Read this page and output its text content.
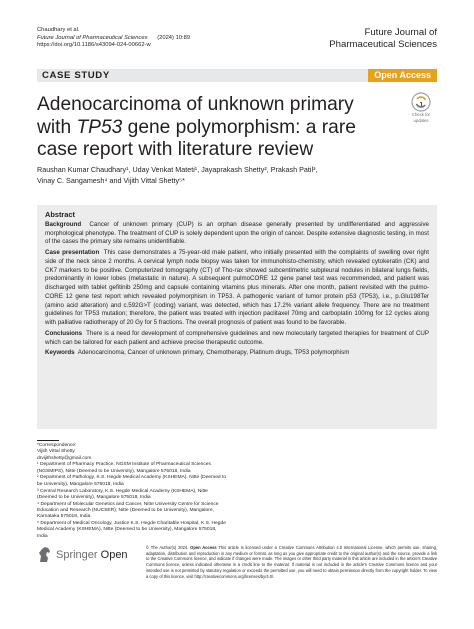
Chaudhary et al.
Future Journal of Pharmaceutical Sciences (2024) 10:89
https://doi.org/10.1186/s43094-024-00662-w
Future Journal of
Pharmaceutical Sciences
CASE STUDY	Open Access
Adenocarcinoma of unknown primary with TP53 gene polymorphism: a rare case report with literature review
Check for
updates
Raushan Kumar Chaudhary¹, Uday Venkat Mateti¹, Jayaprakash Shetty², Prakash Patil³,
Vinay C. Sangamesh⁴ and Vijith Vittal Shetty⁵*
Abstract

Background Cancer of unknown primary (CUP) is an orphan disease generally presented by undifferentiated and aggressive morphological phenotype. The treatment of CUP is solely dependent upon the origin of cancer. Despite extensive diagnostic testing, in most of the cases the primary site remains unidentifiable.

Case presentation This case demonstrates a 75-year-old male patient, who initially presented with the complaints of swelling over right side of the neck since 2 months. A cervical lymph node biopsy was taken for immunohisto-chemistry, which revealed cytokeratin (CK) and CK7 markers to be positive. Computerized tomography (CT) of Tho-rax showed subcentimetric subpleural nodules in bilateral lungs fields, predominantly in lower lobes (metastatic in nature). A subsequent pulmoCORE 12 gene panel test was recommended, and patient was discharged with tablet gefitinib 250mg and capsule containing vitamins plus minerals. After one month, patient revisited with the pulmo-CORE 12 gene test report which revealed polymorphism in TP53. A pathogenic variant of tumor protein p53 (TP53), i.e., p.Glu198Ter (amino acid alteration) and c.592G>T (coding) variant, was detected, which has 17.2% variant allele frequency. There are no treatment guidelines for TP53 mutation; therefore, the patient was treated with injection paclitaxel 70mg and carboplatin 100mg for 12 cycles along with palliative radiotherapy of 20 Gy for 5 fractions. The overall prognosis of patient was found to be favorable.

Conclusions There is a need for development of comprehensive guidelines and new molecularly targeted therapies for treatment of CUP which can be tailored for each patient and achieve precise therapeutic outcome.

Keywords Adenocarcinoma, Cancer of unknown primary, Chemotherapy, Platinum drugs, TP53 polymorphism

*Correspondence:
Vijith Vittal Shetty
drvijithshetty@gmail.com
¹ Department of Pharmacy Practice, NGSM Institute of Pharmaceutical Sciences (NGSMIPS), Nitte (Deemed to be University), Mangalore 575018, India
² Department of Pathology, K.S. Hegde Medical Academy (KSHEMA), Nitte (Deemed to be University), Mangalore 575018, India
³ Central Research Laboratory, K.S. Hegde Medical Academy (KSHEMA), Nitte (Deemed to be University), Mangalore 575018, India
⁴ Department of Molecular Genetics and Cancer, Nitte University Centre for Science Education and Research (NUCSER), Nitte (Deemed to be University), Mangalore, Karnataka 575018, India
⁵ Department of Medical Oncology, Justice K.S. Hegde Charitable Hospital, K.S. Hegde Medical Academy (KSHEMA), Nitte (Deemed to be University), Mangalore 575018, India
Springer Open
© The Author(s) 2024. Open Access This article is licensed under a Creative Commons Attribution 4.0 International License, which permits use, sharing, adaptation, distribution and reproduction in any medium or format, as long as you give appropriate credit to the original author(s) and the source, provide a link to the Creative Commons licence, and indicate if changes were made. The images or other third party material in this article are included in the article's Creative Commons licence, unless indicated otherwise in a credit line to the material. If material is not included in the article's Creative Commons licence and your intended use is not permitted by statutory regulation or exceeds the permitted use, you will need to obtain permission directly from the copyright holder. To view a copy of this licence, visit http://creativecommons.org/licenses/by/4.0/.
